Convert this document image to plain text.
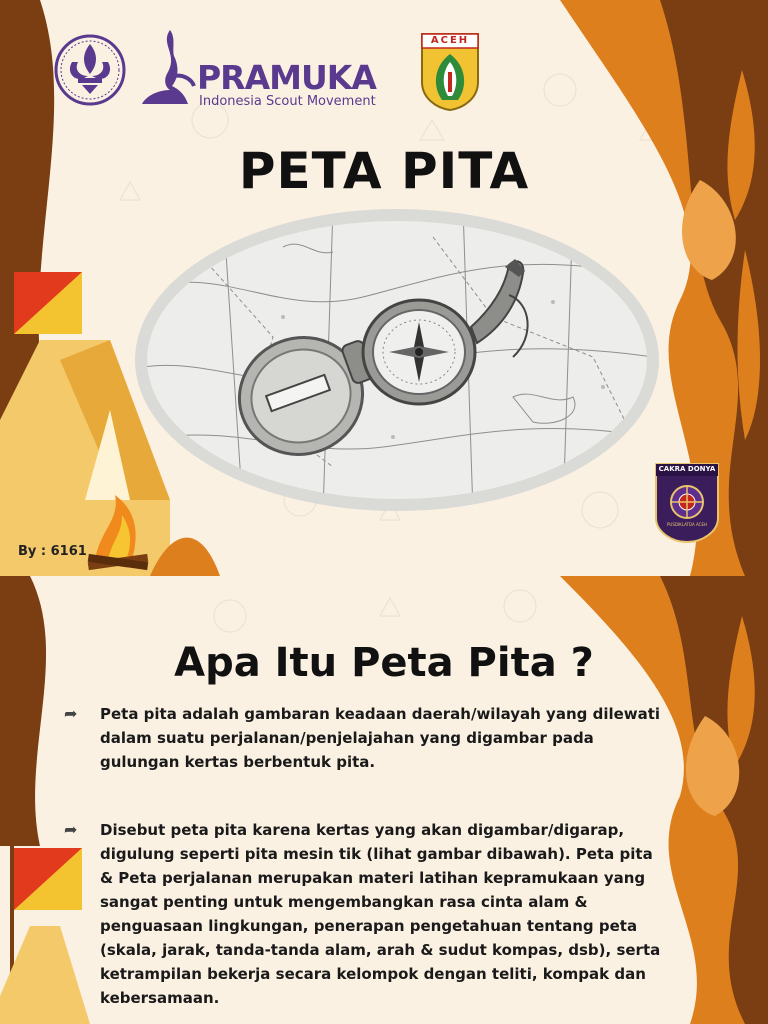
PRAMUKA
Indonesia Scout Movement
ACEH
PETA PITA
CAKRA DONYA
PUSDIKLATDA ACEH
By : 6161
Apa Itu Peta Pita ?
➦	Peta pita adalah gambaran keadaan daerah/wilayah yang dilewati dalam suatu perjalanan/penjelajahan yang digambar pada gulungan kertas berbentuk pita.
➦	Disebut peta pita karena kertas yang akan digambar/digarap, digulung seperti pita mesin tik (lihat gambar dibawah). Peta pita & Peta perjalanan merupakan materi latihan kepramukaan yang sangat penting untuk mengembangkan rasa cinta alam & penguasaan lingkungan, penerapan pengetahuan tentang peta (skala, jarak, tanda-tanda alam, arah & sudut kompas, dsb), serta ketrampilan bekerja secara kelompok dengan teliti, kompak dan kebersamaan.
